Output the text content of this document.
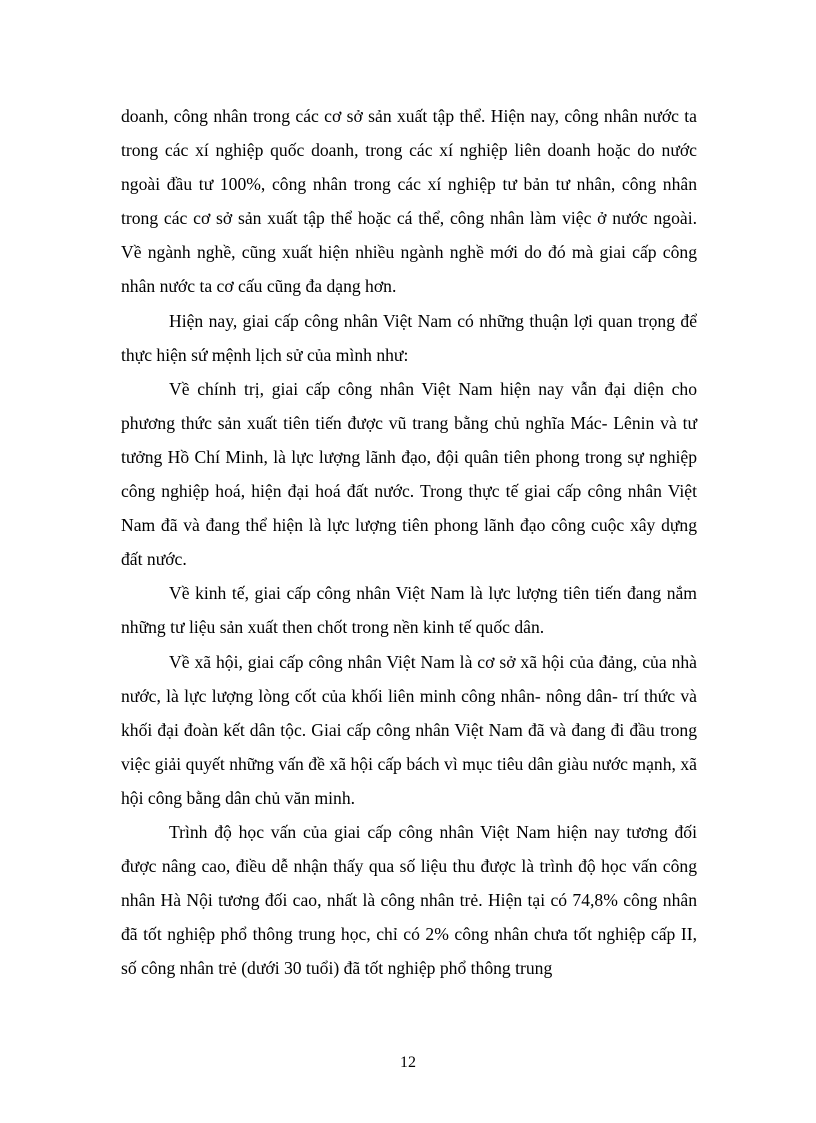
doanh, công nhân trong các cơ sở sản xuất tập thể. Hiện nay, công nhân nước ta trong các xí nghiệp quốc doanh, trong các xí nghiệp liên doanh hoặc do nước ngoài đầu tư 100%, công nhân trong các xí nghiệp tư bản tư nhân, công nhân trong các cơ sở sản xuất tập thể hoặc cá thể, công nhân làm việc ở nước ngoài. Về ngành nghề, cũng xuất hiện nhiều ngành nghề mới do đó mà giai cấp công nhân nước ta cơ cấu cũng đa dạng hơn.

Hiện nay, giai cấp công nhân Việt Nam có những thuận lợi quan trọng để thực hiện sứ mệnh lịch sử của mình như:

Về chính trị, giai cấp công nhân Việt Nam hiện nay vẫn đại diện cho phương thức sản xuất tiên tiến được vũ trang bằng chủ nghĩa Mác- Lênin và tư tưởng Hồ Chí Minh, là lực lượng lãnh đạo, đội quân tiên phong trong sự nghiệp công nghiệp hoá, hiện đại hoá đất nước. Trong thực tế giai cấp công nhân Việt Nam đã và đang thể hiện là lực lượng tiên phong lãnh đạo công cuộc xây dựng đất nước.

Về kinh tế, giai cấp công nhân Việt Nam là lực lượng tiên tiến đang nắm những tư liệu sản xuất then chốt trong nền kinh tế quốc dân.

Về xã hội, giai cấp công nhân Việt Nam là cơ sở xã hội của đảng, của nhà nước, là lực lượng lòng cốt của khối liên minh công nhân- nông dân- trí thức và khối đại đoàn kết dân tộc. Giai cấp công nhân Việt Nam đã và đang đi đầu trong việc giải quyết những vấn đề xã hội cấp bách vì mục tiêu dân giàu nước mạnh, xã hội công bằng dân chủ văn minh.

Trình độ học vấn của giai cấp công nhân Việt Nam hiện nay tương đối được nâng cao, điều dễ nhận thấy qua số liệu thu được là trình độ học vấn công nhân Hà Nội tương đối cao, nhất là công nhân trẻ. Hiện tại có 74,8% công nhân đã tốt nghiệp phổ thông trung học, chỉ có 2% công nhân chưa tốt nghiệp cấp II, số công nhân trẻ (dưới 30 tuổi) đã tốt nghiệp phổ thông trung

12
